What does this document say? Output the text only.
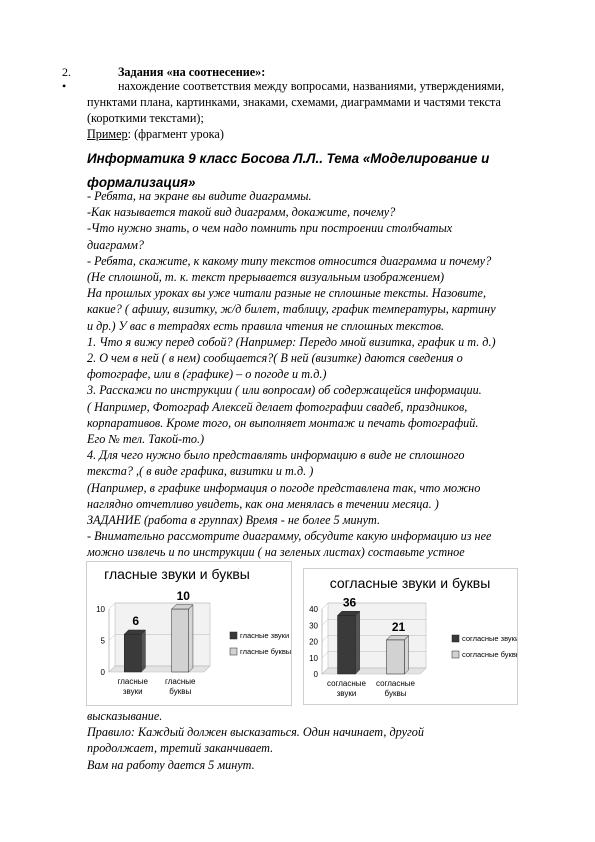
2.	Задания «на соотнесение»:
•	нахождение соответствия между вопросами, названиями, утверждениями,
пунктами плана, картинками, знаками, схемами, диаграммами и частями текста
(короткими текстами);
Пример: (фрагмент урока)
Информатика 9 класс Босова Л.Л.. Тема «Моделирование и
формализация»
- Ребята, на экране вы видите диаграммы.
-Как называется такой вид диаграмм, докажите, почему?
-Что нужно знать, о чем надо помнить при построении столбчатых
диаграмм?
- Ребята, скажите, к какому типу текстов относится диаграмма и почему?
(Не сплошной, т. к. текст прерывается визуальным изображением)
На прошлых уроках вы уже читали разные не сплошные тексты. Назовите,
какие? ( афишу, визитку, ж/д билет, таблицу, график температуры, картину
и др.) У вас в тетрадях есть правила чтения не сплошных текстов.
1. Что я вижу перед собой? (Например: Передо мной визитка, график и т. д.)
2. О чем в ней ( в нем) сообщается?( В ней (визитке) даются сведения о
фотографе, или в (графике) – о погоде и т.д.)
3. Расскажи по инструкции ( или вопросам) об содержащейся информации.
( Например, Фотограф Алексей делает фотографии свадеб, праздников,
корпаративов. Кроме того, он выполняет монтаж и печать фотографий.
Его № тел. Такой-то.)
4. Для чего нужно было представлять информацию в виде не сплошного
текста? ,( в виде графика, визитки и т.д. )
(Например, в графике информация о погоде представлена так, что можно
наглядно отчетливо увидеть, как она менялась в течении месяца. )
ЗАДАНИЕ (работа в группах) Время - не более 5 минут.
- Внимательно рассмотрите диаграмму, обсудите какую информацию из нее
можно извлечь и по инструкции ( на зеленых листах) составьте устное
гласные звуки и буквы
0
5
10
6
гласные
звуки
10
гласные
буквы
гласные звуки
гласные буквы
согласные звуки и буквы
0
10
20
30
40 36
согласные
звуки
21
согласные
буквы
согласные звуки
согласные буквы
высказывание.
Правило: Каждый должен высказаться. Один начинает, другой
продолжает, третий заканчивает.
Вам на работу дается 5 минут.
